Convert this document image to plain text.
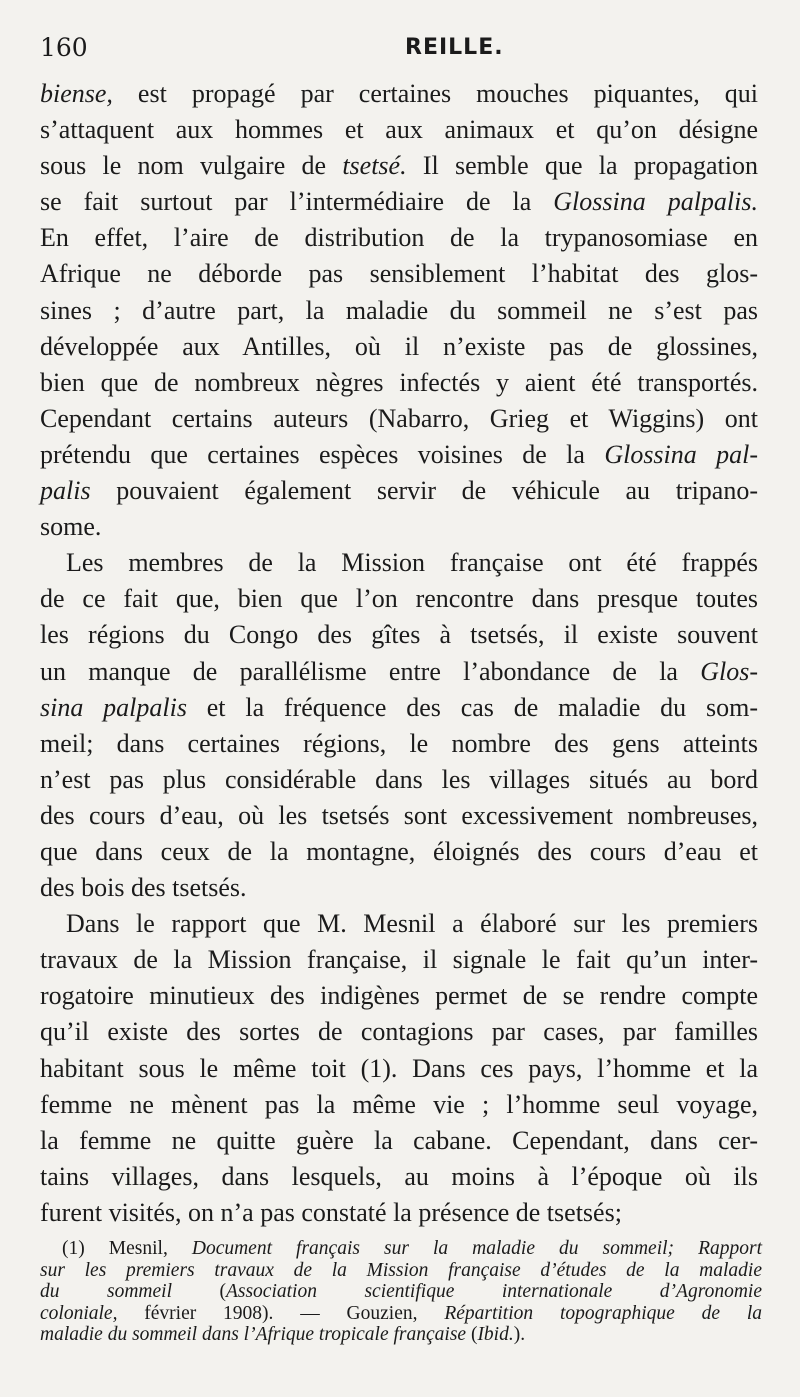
160	REILLE.
biense, est propagé par certaines mouches piquantes, qui
s’attaquent aux hommes et aux animaux et qu’on désigne
sous le nom vulgaire de tsetsé. Il semble que la propagation
se fait surtout par l’intermédiaire de la Glossina palpalis.
En effet, l’aire de distribution de la trypanosomiase en
Afrique ne déborde pas sensiblement l’habitat des glos-
sines ; d’autre part, la maladie du sommeil ne s’est pas
développée aux Antilles, où il n’existe pas de glossines,
bien que de nombreux nègres infectés y aient été transportés.
Cependant certains auteurs (Nabarro, Grieg et Wiggins) ont
prétendu que certaines espèces voisines de la Glossina pal-
palis pouvaient également servir de véhicule au tripano-
some.
Les membres de la Mission française ont été frappés
de ce fait que, bien que l’on rencontre dans presque toutes
les régions du Congo des gîtes à tsetsés, il existe souvent
un manque de parallélisme entre l’abondance de la Glos-
sina palpalis et la fréquence des cas de maladie du som-
meil; dans certaines régions, le nombre des gens atteints
n’est pas plus considérable dans les villages situés au bord
des cours d’eau, où les tsetsés sont excessivement nombreuses,
que dans ceux de la montagne, éloignés des cours d’eau et
des bois des tsetsés.
Dans le rapport que M. Mesnil a élaboré sur les premiers
travaux de la Mission française, il signale le fait qu’un inter-
rogatoire minutieux des indigènes permet de se rendre compte
qu’il existe des sortes de contagions par cases, par familles
habitant sous le même toit (1). Dans ces pays, l’homme et la
femme ne mènent pas la même vie ; l’homme seul voyage,
la femme ne quitte guère la cabane. Cependant, dans cer-
tains villages, dans lesquels, au moins à l’époque où ils
furent visités, on n’a pas constaté la présence de tsetsés;
(1) Mesnil, Document français sur la maladie du sommeil; Rapport
sur les premiers travaux de la Mission française d’études de la maladie
du sommeil (Association scientifique internationale d’Agronomie
coloniale, février 1908). — Gouzien, Répartition topographique de la
maladie du sommeil dans l’Afrique tropicale française (Ibid.).
